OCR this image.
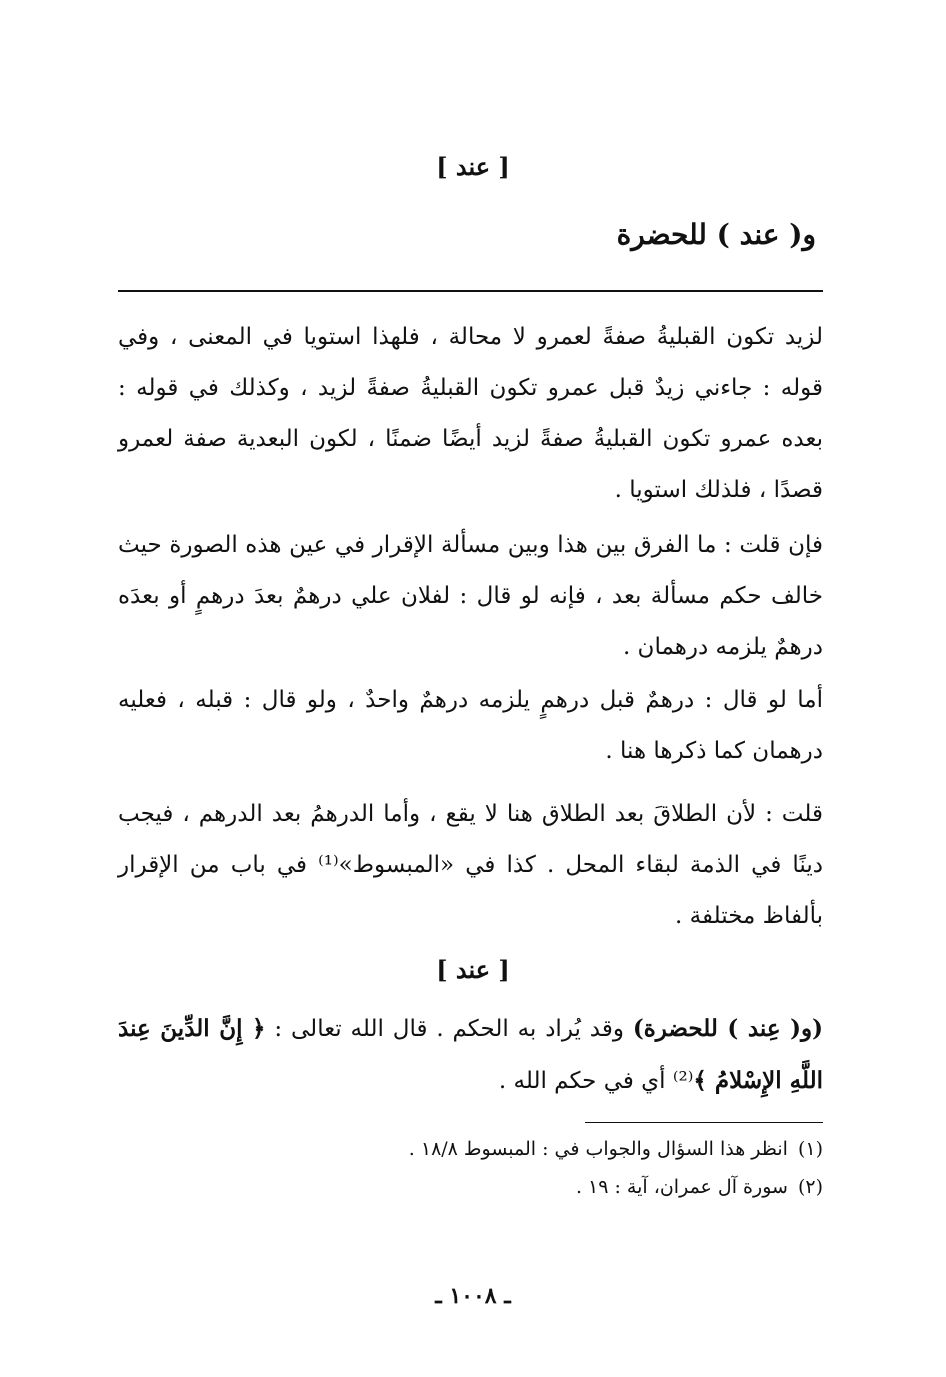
[ عند ]
و( عند ) للحضرة
لزيد تكون القبليةُ صفةً لعمرو لا محالة ، فلهذا استويا في المعنى ، وفي قوله : جاءني زيدٌ قبل عمرو تكون القبليةُ صفةً لزيد ، وكذلك في قوله : بعده عمرو تكون القبليةُ صفةً لزيد أيضًا ضمنًا ، لكون البعدية صفة لعمرو قصدًا ، فلذلك استويا .
فإن قلت : ما الفرق بين هذا وبين مسألة الإقرار في عين هذه الصورة حيث خالف حكم مسألة بعد ، فإنه لو قال : لفلان علي درهمٌ بعدَ درهمٍ أو بعدَه درهمٌ يلزمه درهمان .
أما لو قال : درهمٌ قبل درهمٍ يلزمه درهمٌ واحدٌ ، ولو قال : قبله ، فعليه درهمان كما ذكرها هنا .
قلت : لأن الطلاقَ بعد الطلاق هنا لا يقع ، وأما الدرهمُ بعد الدرهم ، فيجب دينًا في الذمة لبقاء المحل . كذا في «المبسوط»⁽¹⁾ في باب من الإقرار بألفاظ مختلفة .
[ عند ]
(و( عِند ) للحضرة) وقد يُراد به الحكم . قال الله تعالى : ﴿ إِنَّ الدِّينَ عِندَ اللَّهِ الإِسْلامُ ﴾⁽²⁾ أي في حكم الله .
(١)انظر هذا السؤال والجواب في : المبسوط ١٨/٨ .
(٢)سورة آل عمران، آية : ١٩ .
ـ ١٠٠٨ ـ
